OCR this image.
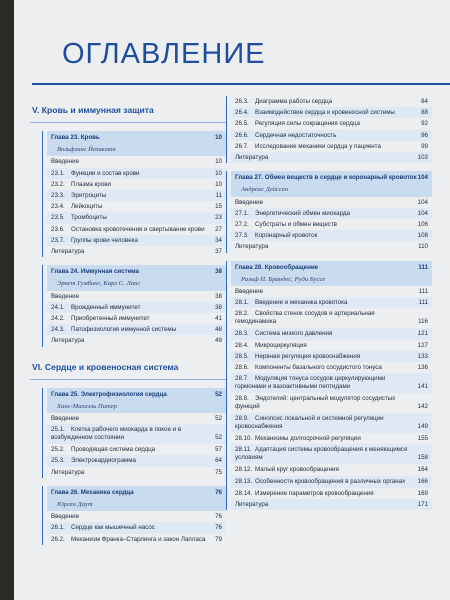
ОГЛАВЛЕНИЕ
V. Кровь и иммунная защита
Глава 23. Кровь	10
Вольфганг Йеликман
Введение	10
23.1. Функции и состав крови	10
23.2. Плазма крови	10
23.3. Эритроциты	11
23.4. Лейкоциты	15
23.5. Тромбоциты	23
23.6. Остановка кровотечения и свертывание крови	27
23.7. Группы крови человека	34
Литература	37
Глава 24. Иммунная система	38
Эрнст Гумбинг, Карл С. Ланг
Введение	38
24.1. Врожденный иммунитет	38
24.2. Приобретенный иммунитет	41
24.3. Патофизиология иммунной системы	48
Литература	49
VI. Сердце и кровеносная система
Глава 25. Электрофизиология сердца	52
Ханс-Михаэль Питер
Введение	52
25.1. Клетка рабочего миокарда в покое и в возбужденном состоянии	52
25.2. Проводящая система сердца	57
25.3. Электрокардиограмма	64
Литература	75
Глава 26. Механика сердца	76
Юрген Даут
Введение	76
26.1. Сердце как мышечный насос	76
26.2. Механизм Франка–Старлинга и закон Лапласа	79
26.3. Диаграмма работы сердца	84
26.4. Взаимодействие сердца и кровеносной системы	88
26.5. Регуляция силы сокращения сердца	92
26.6. Сердечная недостаточность	96
26.7. Исследование механики сердца у пациента	99
Литература	103
Глава 27. Обмен веществ в сердце и коронарный кровоток 104
Андреас Дейссен
Введение	104
27.1. Энергетический обмен миокарда	104
27.2. Субстраты и обмен веществ	106
27.3. Коронарный кровоток	108
Литература	110
Глава 28. Кровообращение	111
Ральф П. Брандес, Руди Буссе
Введение	111
28.1. Введение и механика кровотока	111
28.2. Свойства стенок сосудов и артериальная гемодинамика	116
28.3. Система низкого давления	121
28.4. Микроциркуляция	127
28.5. Нервная регуляция кровоснабжения	133
28.6. Компоненты базального сосудистого тонуса	136
28.7. Модуляция тонуса сосудов циркулирующими гормонами и вазоактивными пептидами	141
28.8. Эндотелий: центральный модулятор сосудистых функций	142
28.9. Синопсис локальной и системной регуляции кровоснабжения	149
28.10. Механизмы долгосрочной регуляции	155
28.11. Адаптация системы кровообращения к меняющимся условиям	158
28.12. Малый круг кровообращения	164
28.13. Особенности кровообращения в различных органах	166
28.14. Измерение параметров кровообращения	169
Литература	171
